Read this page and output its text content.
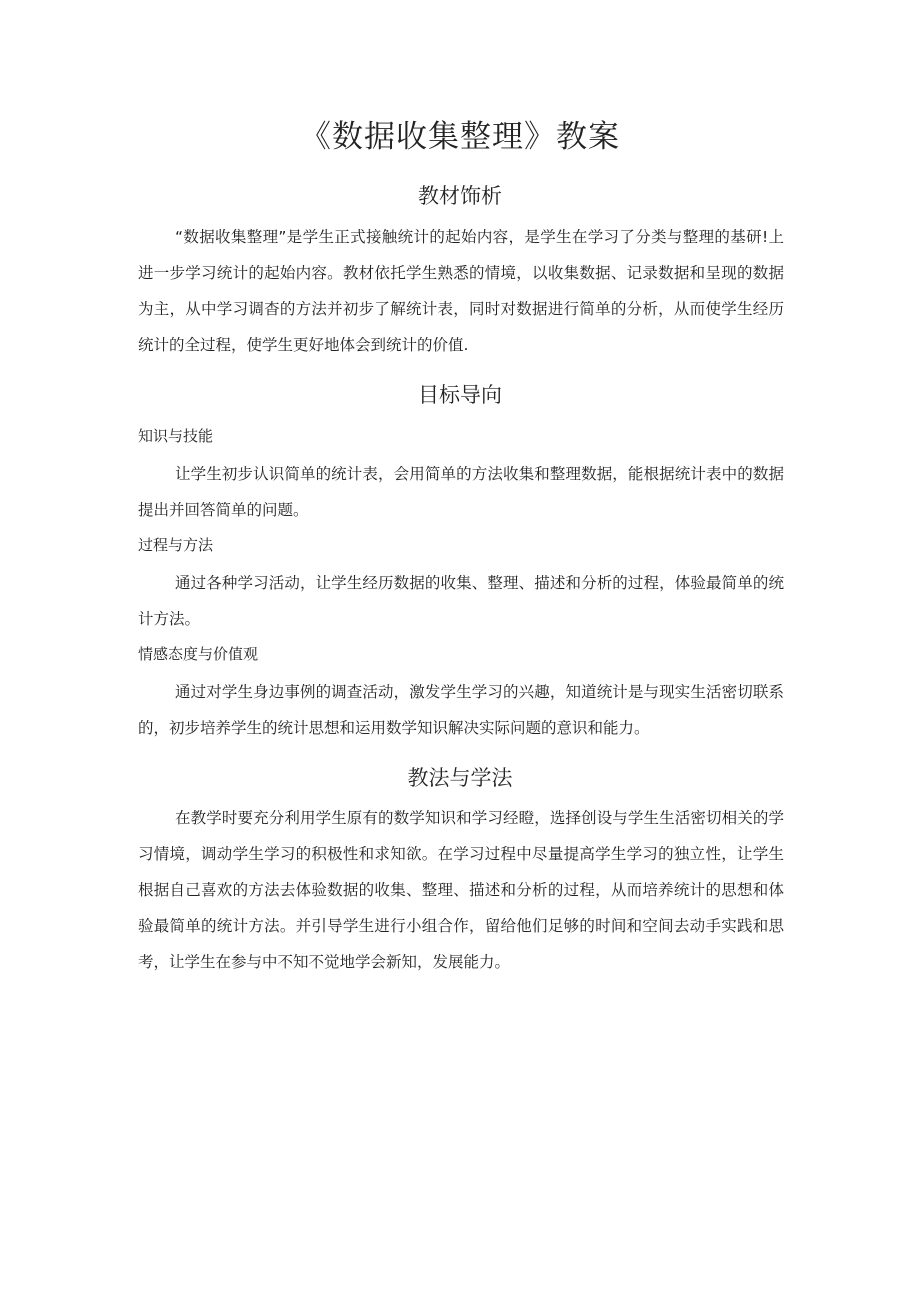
《数据收集整理》教案
教材饰析

“数据收集整理”是学生正式接触统计的起始内容，是学生在学习了分类与整理的基研!上进一步学习统计的起始内容。教材依托学生熟悉的情境，以收集数据、记录数据和呈现的数据为主，从中学习调杳的方法并初步了解统计表，同时对数据进行简单的分析，从而使学生经历统计的全过程，使学生更好地体会到统计的价值.

目标导向
知识与技能

让学生初步认识简单的统计表，会用简单的方法收集和整理数据，能根据统计表中的数据提出并回答简单的问题。

过程与方法

通过各种学习活动，让学生经历数据的收集、整理、描述和分析的过程，体验最简单的统计方法。

情感态度与价值观

通过对学生身边事例的调查活动，激发学生学习的兴趣，知道统计是与现实生活密切联系的，初步培养学生的统计思想和运用数学知识解决实际问题的意识和能力。

教法与学法

在教学时要充分利用学生原有的数学知识和学习经瞪，选择创设与学生生活密切相关的学习情境，调动学生学习的积极性和求知欲。在学习过程中尽量提高学生学习的独立性，让学生根据自己喜欢的方法去体验数据的收集、整理、描述和分析的过程，从而培养统计的思想和体验最简单的统计方法。并引导学生进行小组合作，留给他们足够的时间和空间去动手实践和思考，让学生在参与中不知不觉地学会新知，发展能力。
